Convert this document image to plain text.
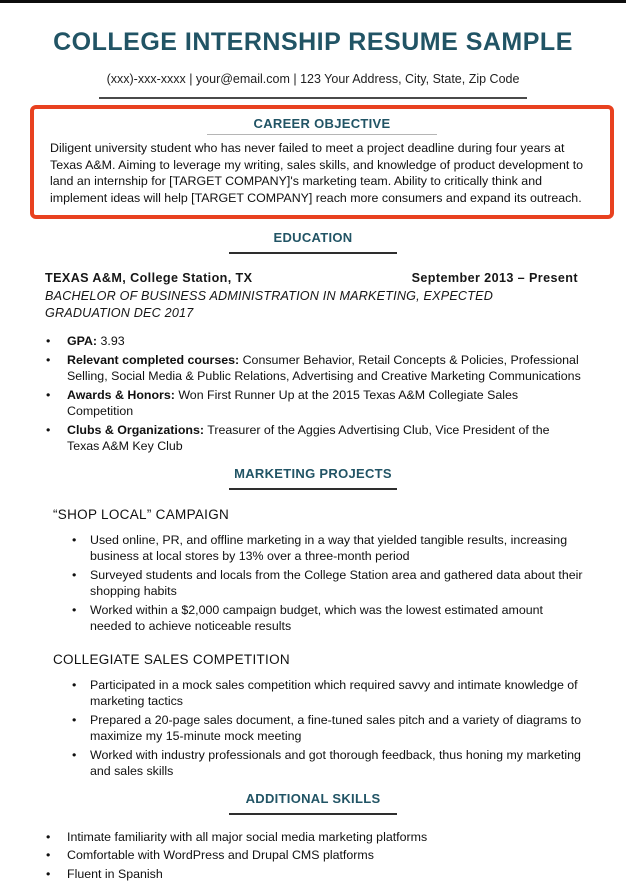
COLLEGE INTERNSHIP RESUME SAMPLE
(xxx)-xxx-xxxx | your@email.com | 123 Your Address, City, State, Zip Code
CAREER OBJECTIVE
Diligent university student who has never failed to meet a project deadline during four years at Texas A&M. Aiming to leverage my writing, sales skills, and knowledge of product development to land an internship for [TARGET COMPANY]'s marketing team. Ability to critically think and implement ideas will help [TARGET COMPANY] reach more consumers and expand its outreach.
EDUCATION
TEXAS A&M, College Station, TX	September 2013 – Present
BACHELOR OF BUSINESS ADMINISTRATION IN MARKETING, EXPECTED GRADUATION DEC 2017
• GPA: 3.93
• Relevant completed courses: Consumer Behavior, Retail Concepts & Policies, Professional Selling, Social Media & Public Relations, Advertising and Creative Marketing Communications
• Awards & Honors: Won First Runner Up at the 2015 Texas A&M Collegiate Sales Competition
• Clubs & Organizations: Treasurer of the Aggies Advertising Club, Vice President of the Texas A&M Key Club
MARKETING PROJECTS
“SHOP LOCAL” CAMPAIGN
• Used online, PR, and offline marketing in a way that yielded tangible results, increasing business at local stores by 13% over a three-month period
• Surveyed students and locals from the College Station area and gathered data about their shopping habits
• Worked within a $2,000 campaign budget, which was the lowest estimated amount needed to achieve noticeable results
COLLEGIATE SALES COMPETITION
• Participated in a mock sales competition which required savvy and intimate knowledge of marketing tactics
• Prepared a 20-page sales document, a fine-tuned sales pitch and a variety of diagrams to maximize my 15-minute mock meeting
• Worked with industry professionals and got thorough feedback, thus honing my marketing and sales skills
ADDITIONAL SKILLS
• Intimate familiarity with all major social media marketing platforms
• Comfortable with WordPress and Drupal CMS platforms
• Fluent in Spanish
